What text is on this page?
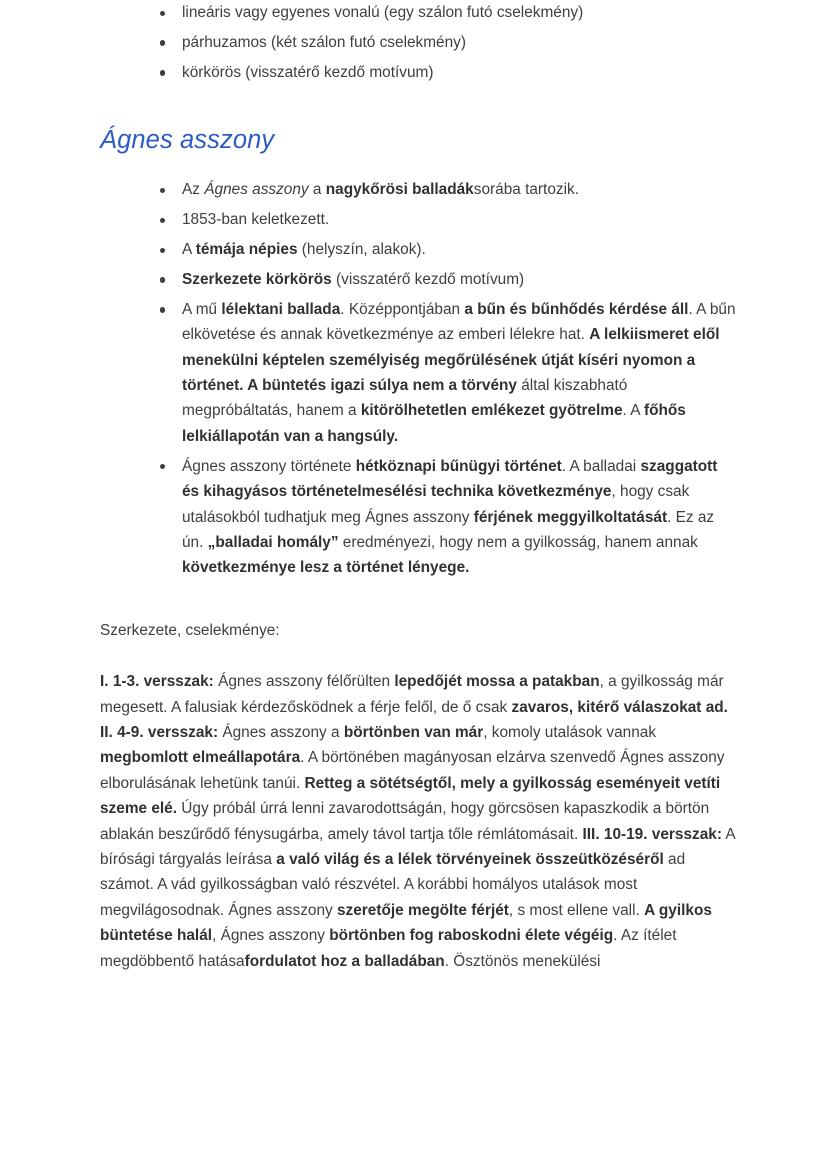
lineáris vagy egyenes vonalú (egy szálon futó cselekmény)
párhuzamos (két szálon futó cselekmény)
körkörös (visszatérő kezdő motívum)
Ágnes asszony
Az Ágnes asszony a nagykőrösi balladáksorába tartozik.
1853-ban keletkezett.
A témája népies (helyszín, alakok).
Szerkezete körkörös (visszatérő kezdő motívum)
A mű lélektani ballada. Középpontjában a bűn és bűnhődés kérdése áll. A bűn elkövetése és annak következménye az emberi lélekre hat. A lelkiismeret elől menekülni képtelen személyiség megőrülésének útját kíséri nyomon a történet. A büntetés igazi súlya nem a törvény által kiszabható megpróbáltatás, hanem a kitörölhetetlen emlékezet gyötrelme. A főhős lelkiállapotán van a hangsúly.
Ágnes asszony története hétköznapi bűnügyi történet. A balladai szaggatott és kihagyásos történetelmesélési technika következménye, hogy csak utalásokból tudhatjuk meg Ágnes asszony férjének meggyilkoltatását. Ez az ún. „balladai homály” eredményezi, hogy nem a gyilkosság, hanem annak következménye lesz a történet lényege.

Szerkezete, cselekménye:

I. 1-3. versszak: Ágnes asszony félőrülten lepedőjét mossa a patakban, a gyilkosság már megesett. A falusiak kérdezősködnek a férje felől, de ő csak zavaros, kitérő válaszokat ad. II. 4-9. versszak: Ágnes asszony a börtönben van már, komoly utalások vannak megbomlott elmeállapotára. A börtönében magányosan elzárva szenvedő Ágnes asszony elborulásának lehetünk tanúi. Retteg a sötétségtől, mely a gyilkosság eseményeit vetíti szeme elé. Úgy próbál úrrá lenni zavarodottságán, hogy görcsösen kapaszkodik a börtön ablakán beszűrődő fénysugárba, amely távol tartja tőle rémlátomásait. III. 10-19. versszak: A bírósági tárgyalás leírása a való világ és a lélek törvényeinek összeütközéséről ad számot. A vád gyilkosságban való részvétel. A korábbi homályos utalások most megvilágosodnak. Ágnes asszony szeretője megölte férjét, s most ellene vall. A gyilkos büntetése halál, Ágnes asszony börtönben fog raboskodni élete végéig. Az ítélet megdöbbentő hatásafordulatot hoz a balladában. Ösztönös menekülési
